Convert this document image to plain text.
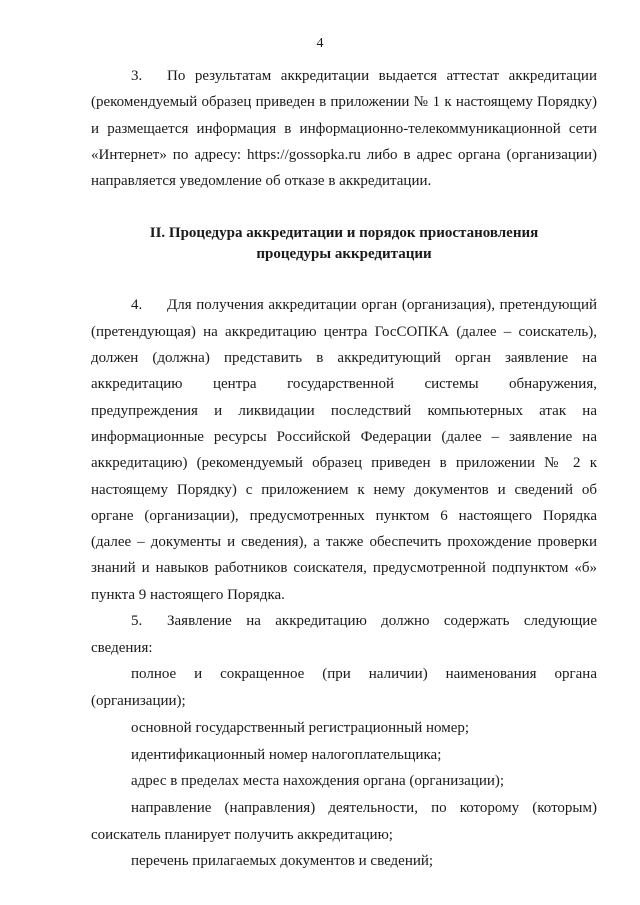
4

3. По результатам аккредитации выдается аттестат аккредитации (рекомендуемый образец приведен в приложении № 1 к настоящему Порядку) и размещается информация в информационно-телекоммуникационной сети «Интернет» по адресу: https://gossopka.ru либо в адрес органа (организации) направляется уведомление об отказе в аккредитации.

II. Процедура аккредитации и порядок приостановления
процедуры аккредитации

4. Для получения аккредитации орган (организация), претендующий (претендующая) на аккредитацию центра ГосСОПКА (далее – соискатель), должен (должна) представить в аккредитующий орган заявление на аккредитацию центра государственной системы обнаружения, предупреждения и ликвидации последствий компьютерных атак на информационные ресурсы Российской Федерации (далее – заявление на аккредитацию) (рекомендуемый образец приведен в приложении № 2 к настоящему Порядку) с приложением к нему документов и сведений об органе (организации), предусмотренных пунктом 6 настоящего Порядка (далее – документы и сведения), а также обеспечить прохождение проверки знаний и навыков работников соискателя, предусмотренной подпунктом «б» пункта 9 настоящего Порядка.

5. Заявление на аккредитацию должно содержать следующие сведения:

полное и сокращенное (при наличии) наименования органа (организации);

основной государственный регистрационный номер;

идентификационный номер налогоплательщика;

адрес в пределах места нахождения органа (организации);

направление (направления) деятельности, по которому (которым) соискатель планирует получить аккредитацию;

перечень прилагаемых документов и сведений;
